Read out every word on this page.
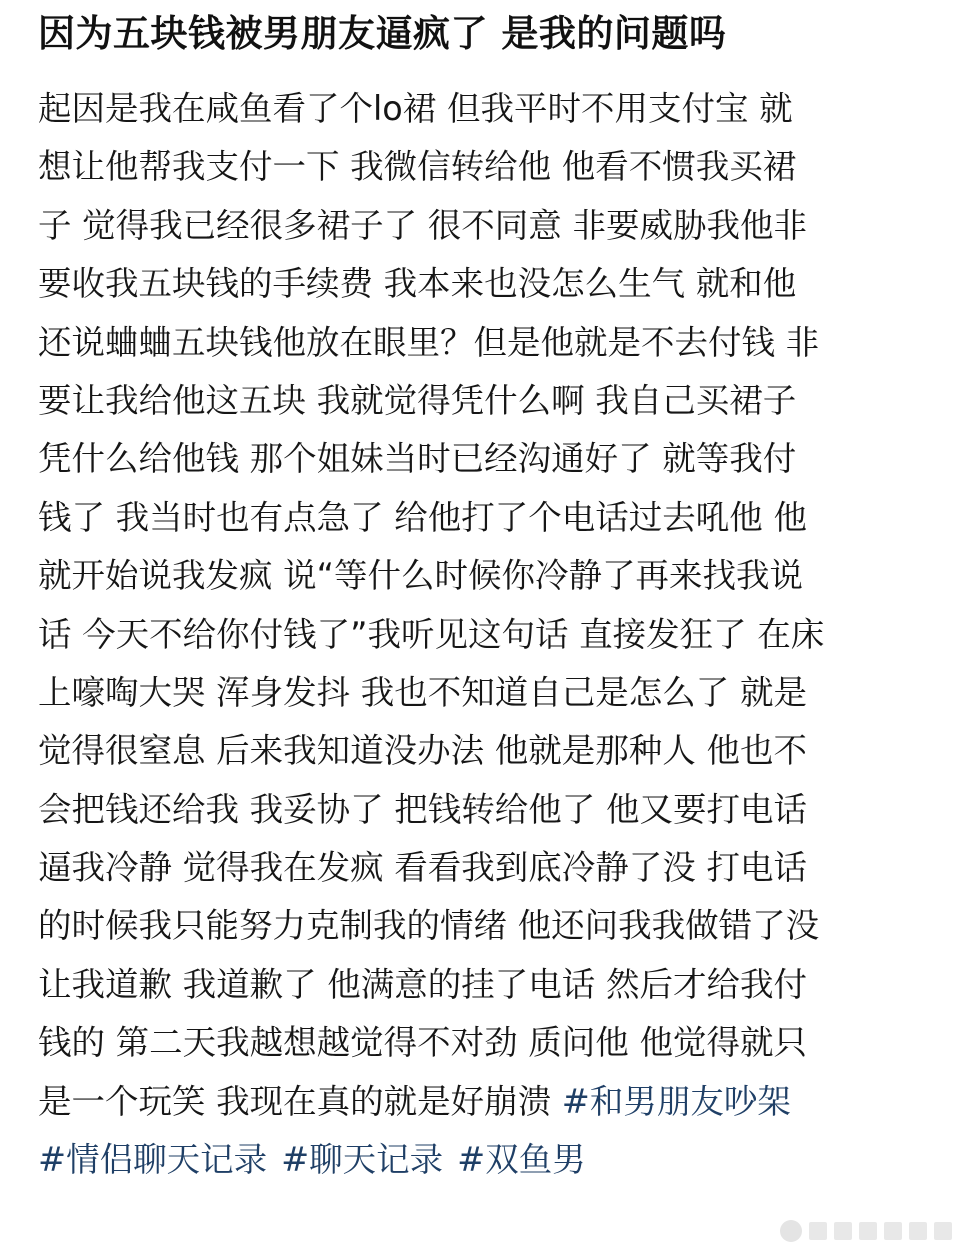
因为五块钱被男朋友逼疯了 是我的问题吗
起因是我在咸鱼看了个lo裙 但我平时不用支付宝 就
想让他帮我支付一下 我微信转给他 他看不惯我买裙
子 觉得我已经很多裙子了 很不同意 非要威胁我他非
要收我五块钱的手续费 我本来也没怎么生气 就和他
还说蛐蛐五块钱他放在眼里？但是他就是不去付钱 非
要让我给他这五块 我就觉得凭什么啊 我自己买裙子
凭什么给他钱 那个姐妹当时已经沟通好了 就等我付
钱了 我当时也有点急了 给他打了个电话过去吼他 他
就开始说我发疯 说“等什么时候你冷静了再来找我说
话 今天不给你付钱了”我听见这句话 直接发狂了 在床
上嚎啕大哭 浑身发抖 我也不知道自己是怎么了 就是
觉得很窒息 后来我知道没办法 他就是那种人 他也不
会把钱还给我 我妥协了 把钱转给他了 他又要打电话
逼我冷静 觉得我在发疯 看看我到底冷静了没 打电话
的时候我只能努力克制我的情绪 他还问我我做错了没
让我道歉 我道歉了 他满意的挂了电话 然后才给我付
钱的 第二天我越想越觉得不对劲 质问他 他觉得就只
是一个玩笑 我现在真的就是好崩溃 #和男朋友吵架
#情侣聊天记录 #聊天记录 #双鱼男
